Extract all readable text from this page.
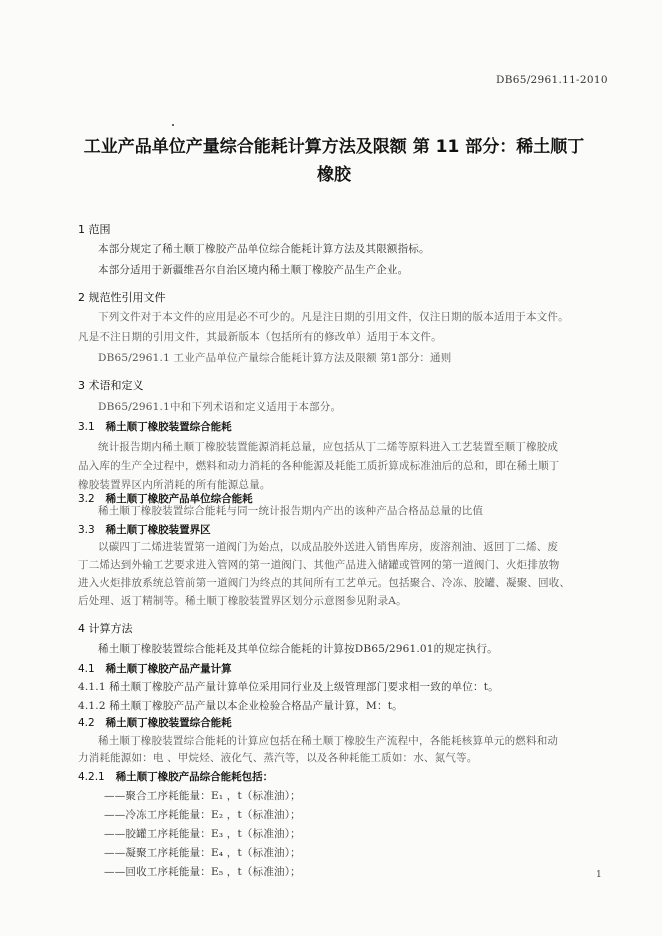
DB65/2961.11-2010
工业产品单位产量综合能耗计算方法及限额 第 11 部分：稀土顺丁
橡胶
1 范围
本部分规定了稀土顺丁橡胶产品单位综合能耗计算方法及其限额指标。
本部分适用于新疆维吾尔自治区境内稀土顺丁橡胶产品生产企业。
2 规范性引用文件
下列文件对于本文件的应用是必不可少的。凡是注日期的引用文件，仅注日期的版本适用于本文件。
凡是不注日期的引用文件，其最新版本（包括所有的修改单）适用于本文件。
DB65/2961.1 工业产品单位产量综合能耗计算方法及限额 第1部分：通则
3 术语和定义
DB65/2961.1中和下列术语和定义适用于本部分。
3.1 稀土顺丁橡胶装置综合能耗
统计报告期内稀土顺丁橡胶装置能源消耗总量，应包括从丁二烯等原料进入工艺装置至顺丁橡胶成
品入库的生产全过程中，燃料和动力消耗的各种能源及耗能工质折算成标准油后的总和，即在稀土顺丁
橡胶装置界区内所消耗的所有能源总量。
3.2 稀土顺丁橡胶产品单位综合能耗
稀土顺丁橡胶装置综合能耗与同一统计报告期内产出的该种产品合格品总量的比值
3.3 稀土顺丁橡胶装置界区
以碳四丁二烯进装置第一道阀门为始点，以成品胶外送进入销售库房，废溶剂油、返回丁二烯、废
丁二烯达到外输工艺要求进入管网的第一道阀门、其他产品进入储罐或管网的第一道阀门、火炬排放物
进入火炬排放系统总管前第一道阀门为终点的其间所有工艺单元。包括聚合、冷冻、胶罐、凝聚、回收、
后处理、返丁精制等。稀土顺丁橡胶装置界区划分示意图参见附录A。
4 计算方法
稀土顺丁橡胶装置综合能耗及其单位综合能耗的计算按DB65/2961.01的规定执行。
4.1 稀土顺丁橡胶产品产量计算
4.1.1 稀土顺丁橡胶产品产量计算单位采用同行业及上级管理部门要求相一致的单位：t。
4.1.2 稀土顺丁橡胶产品产量以本企业检验合格品产量计算，M：t。
4.2 稀土顺丁橡胶装置综合能耗
稀土顺丁橡胶装置综合能耗的计算应包括在稀土顺丁橡胶生产流程中，各能耗核算单元的燃料和动
力消耗能源如：电 、甲烷烃、液化气、蒸汽等，以及各种耗能工质如：水、氮气等。
4.2.1 稀土顺丁橡胶产品综合能耗包括：
——聚合工序耗能量：E₁ ，t（标准油）；
——冷冻工序耗能量：E₂ ，t（标准油）；
——胶罐工序耗能量：E₃ ，t（标准油）；
——凝聚工序耗能量：E₄ ，t（标准油）；
——回收工序耗能量：E₅ ，t（标准油）；	1
